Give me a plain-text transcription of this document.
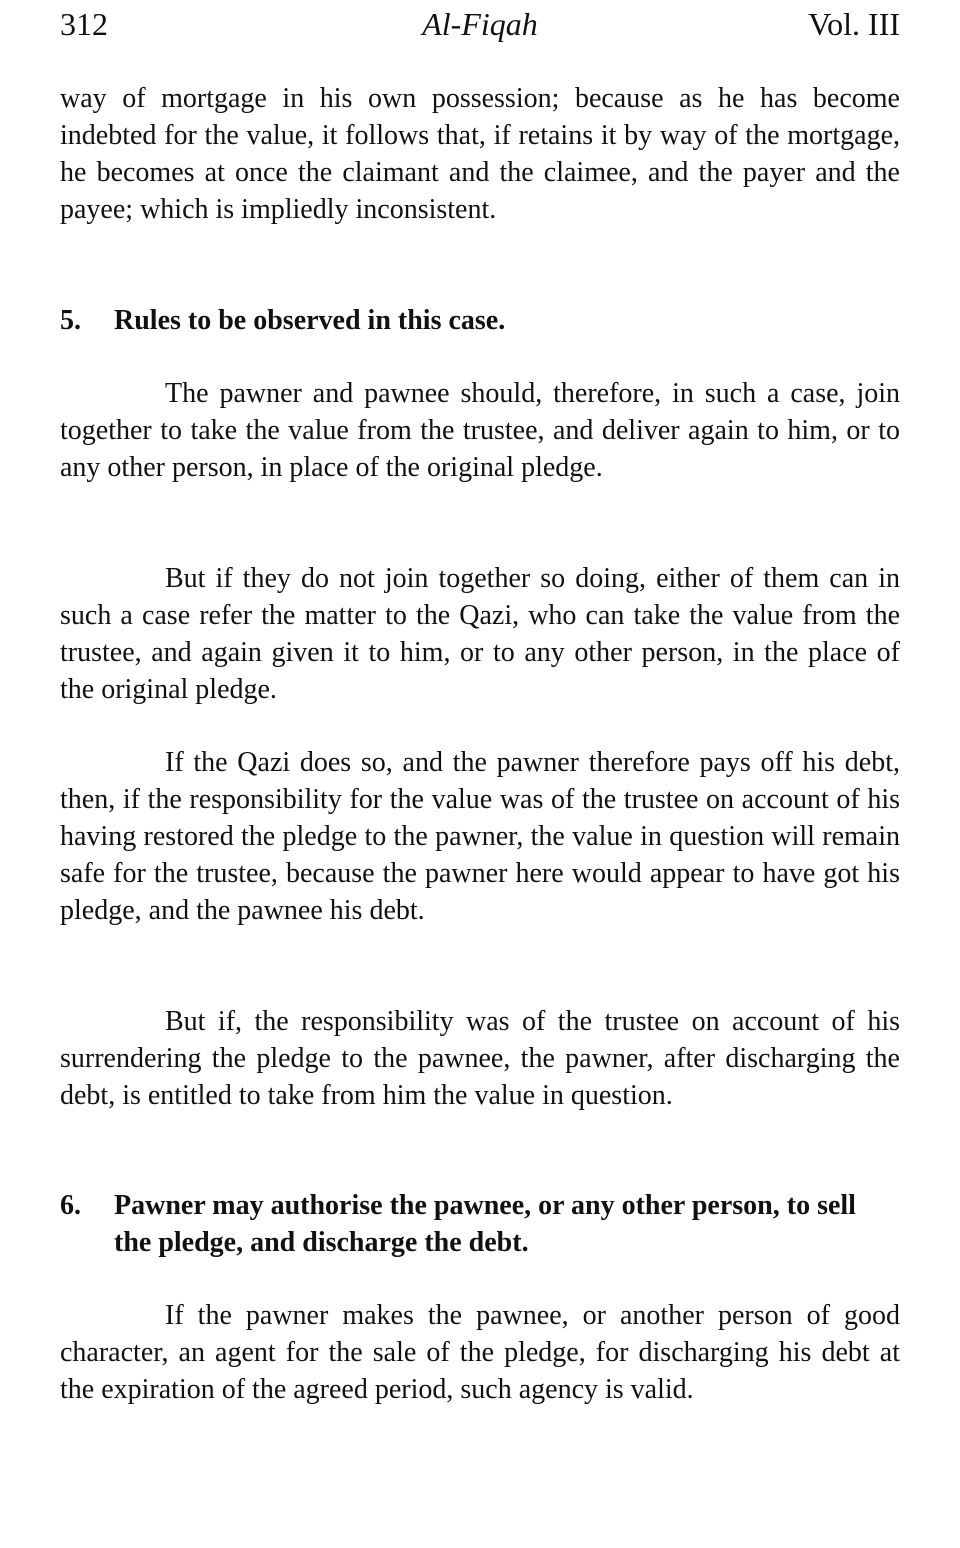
312	Al-Fiqah	Vol. III

way of mortgage in his own possession; because as he has become indebted for the value, it follows that, if retains it by way of the mortgage, he becomes at once the claimant and the claimee, and the payer and the payee; which is impliedly inconsistent.

5.	Rules to be observed in this case.

The pawner and pawnee should, therefore, in such a case, join together to take the value from the trustee, and deliver again to him, or to any other person, in place of the original pledge.

But if they do not join together so doing, either of them can in such a case refer the matter to the Qazi, who can take the value from the trustee, and again given it to him, or to any other person, in the place of the original pledge.

If the Qazi does so, and the pawner therefore pays off his debt, then, if the responsibility for the value was of the trustee on account of his having restored the pledge to the pawner, the value in question will remain safe for the trustee, because the pawner here would appear to have got his pledge, and the pawnee his debt.

But if, the responsibility was of the trustee on account of his surrendering the pledge to the pawnee, the pawner, after discharging the debt, is entitled to take from him the value in question.

6.	Pawner may authorise the pawnee, or any other person, to sell the pledge, and discharge the debt.

If the pawner makes the pawnee, or another person of good character, an agent for the sale of the pledge, for discharging his debt at the expiration of the agreed period, such agency is valid.
